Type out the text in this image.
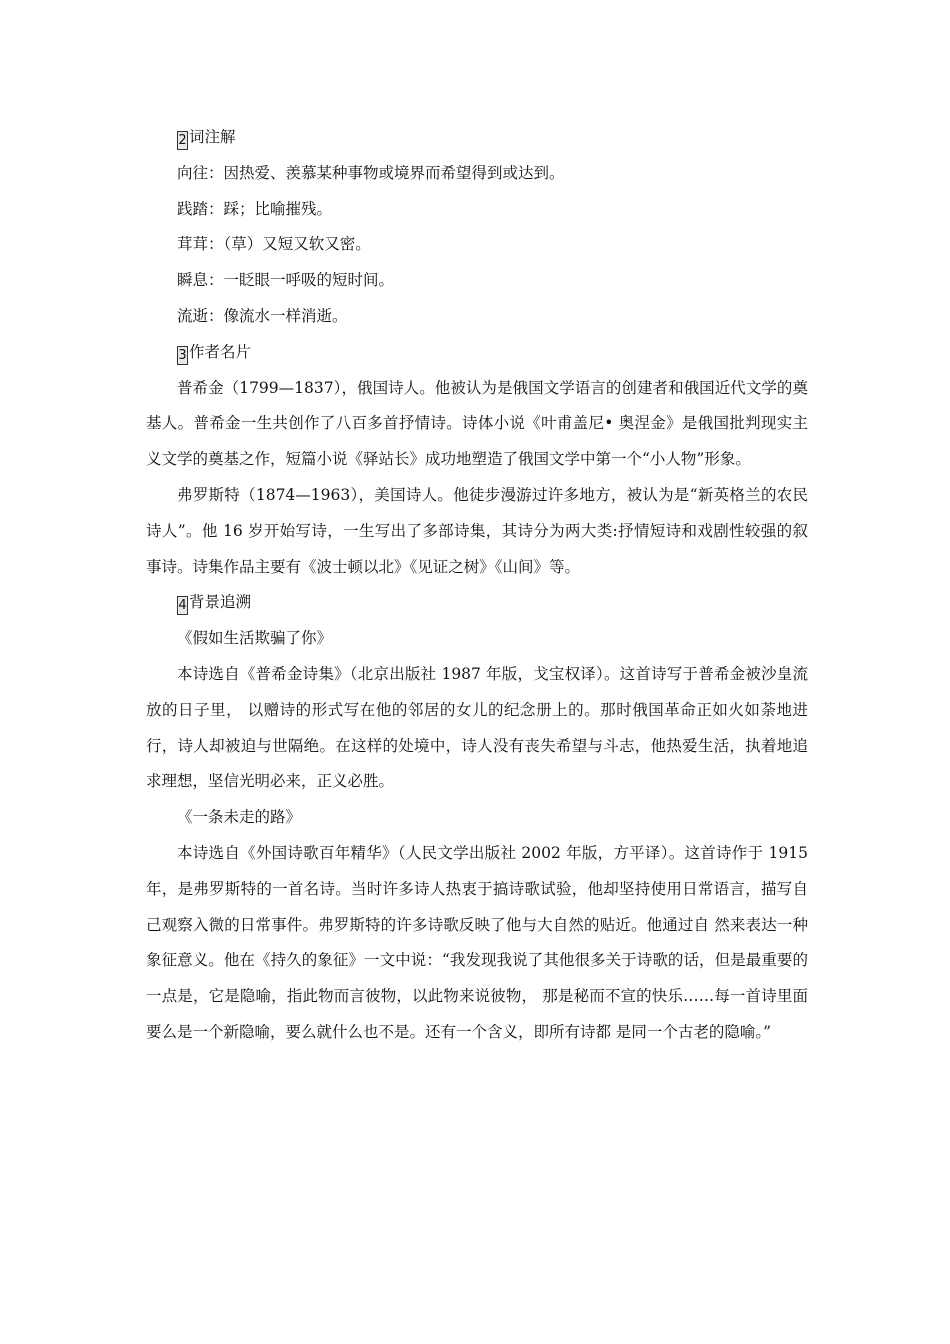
2 词注解
向往：因热爱、羡慕某种事物或境界而希望得到或达到。
践踏：踩；比喻摧残。
茸茸：（草）又短又软又密。
瞬息：一眨眼一呼吸的短时间。
流逝：像流水一样消逝。
3 作者名片

普希金（1799—1837），俄国诗人。他被认为是俄国文学语言的创建者和俄国近代文学的奠基人。普希金一生共创作了八百多首抒情诗。诗体小说《叶甫盖尼• 奥涅金》是俄国批判现实主义文学的奠基之作，短篇小说《驿站长》成功地塑造了俄国文学中第一个“小人物”形象。

弗罗斯特（1874—1963），美国诗人。他徒步漫游过许多地方，被认为是“新英格兰的农民诗人”。他 16 岁开始写诗，一生写出了多部诗集，其诗分为两大类:抒情短诗和戏剧性较强的叙事诗。诗集作品主要有《波士顿以北》《见证之树》《山间》等。

4 背景追溯
《假如生活欺骗了你》

本诗选自《普希金诗集》（北京出版社 1987 年版，戈宝权译）。这首诗写于普希金被沙皇流放的日子里， 以赠诗的形式写在他的邻居的女儿的纪念册上的。那时俄国革命正如火如荼地进行，诗人却被迫与世隔绝。在这样的处境中，诗人没有丧失希望与斗志，他热爱生活，执着地追求理想，坚信光明必来，正义必胜。

《一条未走的路》

本诗选自《外国诗歌百年精华》（人民文学出版社 2002 年版，方平译）。这首诗作于 1915 年，是弗罗斯特的一首名诗。当时许多诗人热衷于搞诗歌试验，他却坚持使用日常语言，描写自己观察入微的日常事件。弗罗斯特的许多诗歌反映了他与大自然的贴近。他通过自 然来表达一种象征意义。他在《持久的象征》一文中说：“我发现我说了其他很多关于诗歌的话，但是最重要的一点是，它是隐喻，指此物而言彼物，以此物来说彼物， 那是秘而不宣的快乐……每一首诗里面要么是一个新隐喻，要么就什么也不是。还有一个含义，即所有诗都 是同一个古老的隐喻。”
